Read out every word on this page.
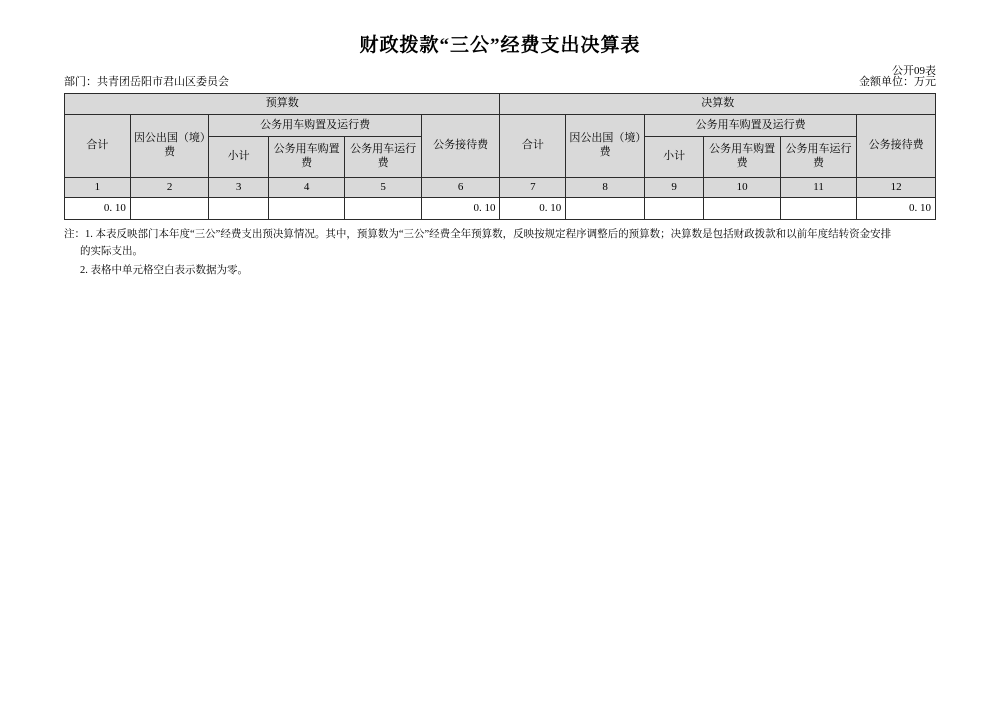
财政拨款“三公”经费支出决算表
公开09表
部门：共青团岳阳市君山区委员会	金额单位：万元
预算数						决算数					
合计	因公出国（境）费	公务用车购置及运行费			公务接待费	合计	因公出国（境）费	公务用车购置及运行费			公务接待费
		小计	公务用车购置费	公务用车运行费				小计	公务用车购置费	公务用车运行费	
1	2	3	4	5	6	7	8	9	10	11	12
0. 10					0. 10	0. 10					0. 10

注：1. 本表反映部门本年度“三公”经费支出预决算情况。其中，预算数为“三公”经费全年预算数，反映按规定程序调整后的预算数；决算数是包括财政拨款和以前年度结转资金安排
的实际支出。

2. 表格中单元格空白表示数据为零。
